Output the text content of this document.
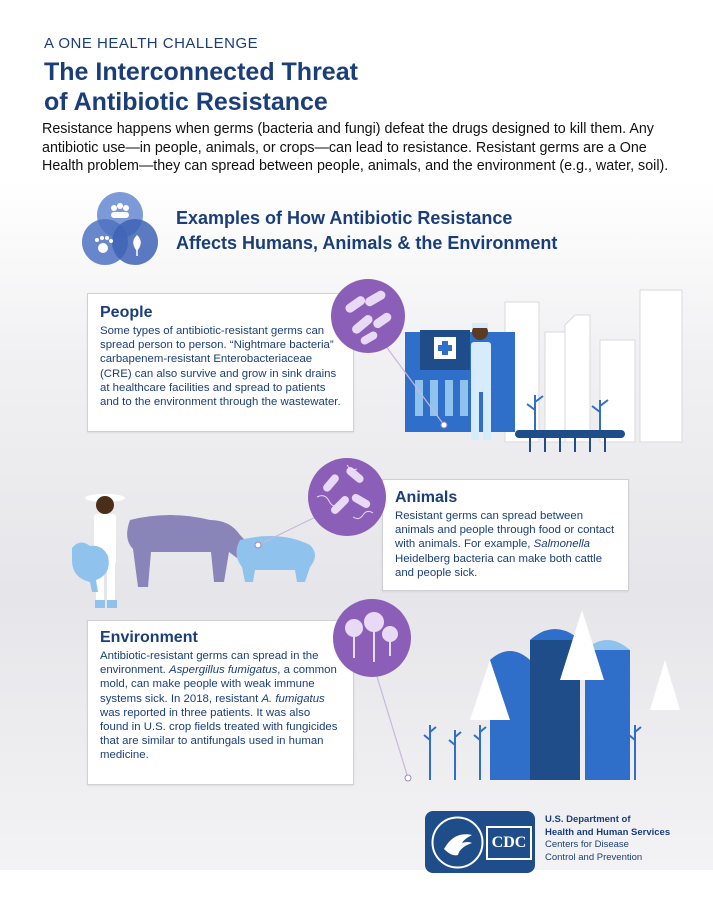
A ONE HEALTH CHALLENGE
The Interconnected Threat
of Antibiotic Resistance
Resistance happens when germs (bacteria and fungi) defeat the drugs designed to kill them. Any antibiotic use—in people, animals, or crops—can lead to resistance. Resistant germs are a One Health problem—they can spread between people, animals, and the environment (e.g., water, soil).
Examples of How Antibiotic Resistance
Affects Humans, Animals & the Environment
People

Some types of antibiotic-resistant germs can spread person to person. “Nightmare bacteria” carbapenem-resistant Enterobacteriaceae (CRE) can also survive and grow in sink drains at healthcare facilities and spread to patients and to the environment through the wastewater.

Animals

Resistant germs can spread between animals and people through food or contact with animals. For example, Salmonella Heidelberg bacteria can make both cattle and people sick.

Environment

Antibiotic-resistant germs can spread in the environment. Aspergillus fumigatus, a common mold, can make people with weak immune systems sick. In 2018, resistant A. fumigatus was reported in three patients. It was also found in U.S. crop fields treated with fungicides that are similar to antifungals used in human medicine.

CDC
U.S. Department of
Health and Human Services
Centers for Disease
Control and Prevention
